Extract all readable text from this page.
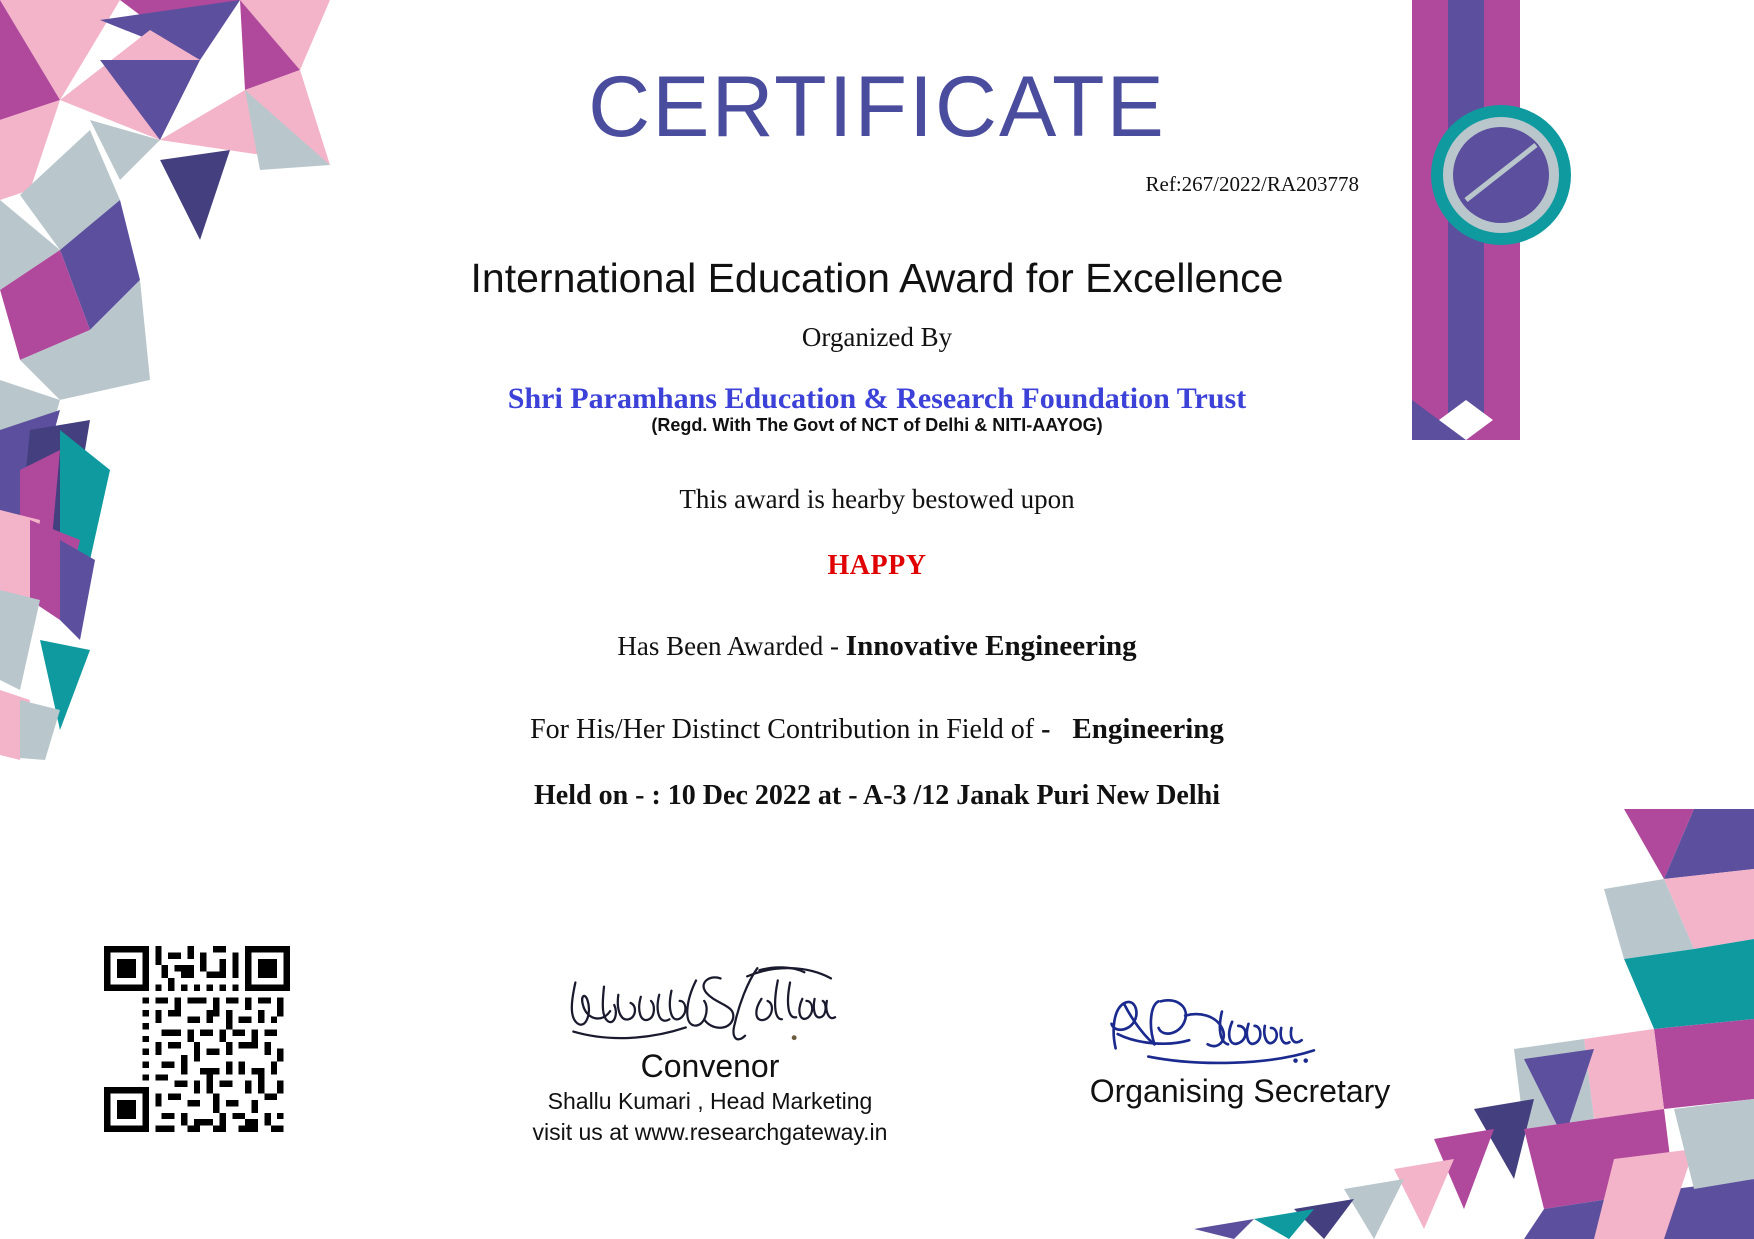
CERTIFICATE
Ref:267/2022/RA203778
International Education Award for Excellence
Organized By
Shri Paramhans Education & Research Foundation Trust
(Regd. With The Govt of NCT of Delhi & NITI-AAYOG)
This award is hearby bestowed upon
HAPPY
Has Been Awarded - Innovative Engineering
For His/Her Distinct Contribution in Field of - Engineering
Held on - : 10 Dec 2022 at - A-3 /12 Janak Puri New Delhi
Convenor
Shallu Kumari , Head Marketing
visit us at www.researchgateway.in
Organising Secretary
